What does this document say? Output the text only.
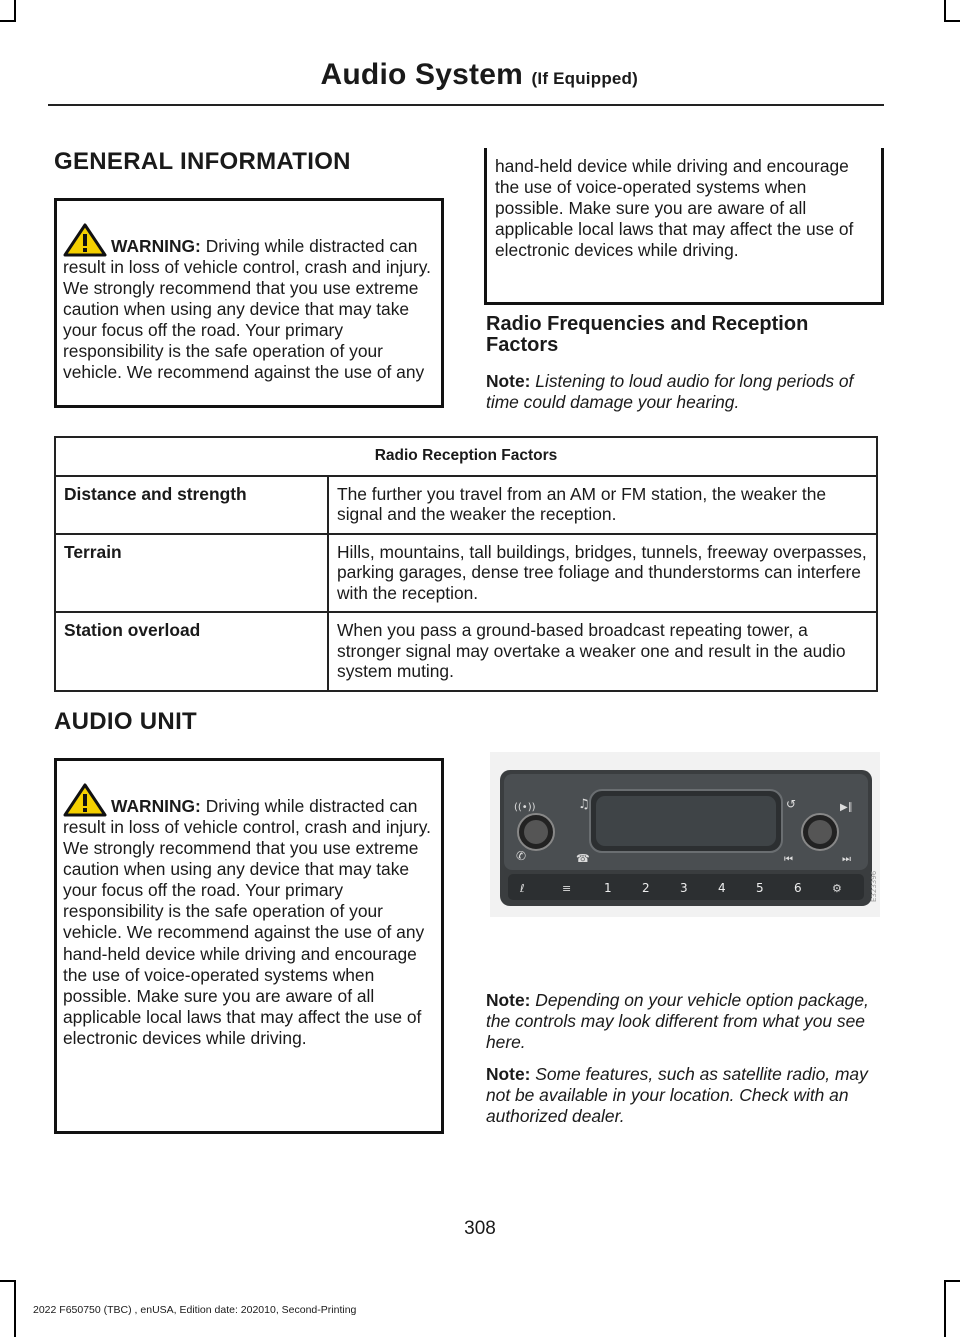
Audio System (If Equipped)
GENERAL INFORMATION

WARNING: Driving while distracted can result in loss of vehicle control, crash and injury. We strongly recommend that you use extreme caution when using any device that may take your focus off the road. Your primary responsibility is the safe operation of your vehicle. We recommend against the use of any

hand-held device while driving and encourage the use of voice-operated systems when possible. Make sure you are aware of all applicable local laws that may affect the use of electronic devices while driving.

Radio Frequencies and Reception Factors

Note: Listening to loud audio for long periods of time could damage your hearing.

Radio Reception Factors	
Distance and strength	The further you travel from an AM or FM station, the weaker the signal and the weaker the reception.
Terrain	Hills, mountains, tall buildings, bridges, tunnels, freeway overpasses, parking garages, dense tree foliage and thunderstorms can interfere with the reception.
Station overload	When you pass a ground-based broadcast repeating tower, a stronger signal may overtake a weaker one and result in the audio system muting.
AUDIO UNIT

WARNING: Driving while distracted can result in loss of vehicle control, crash and injury. We strongly recommend that you use extreme caution when using any device that may take your focus off the road. Your primary responsibility is the safe operation of your vehicle. We recommend against the use of any hand-held device while driving and encourage the use of voice-operated systems when possible. Make sure you are aware of all applicable local laws that may affect the use of electronic devices while driving.

((•))	♫	↺	▶∥
✆	☎	⏮	⏭
ℓ	≡	1	2	3	4	5	6	⚙	E323396

Note: Depending on your vehicle option package, the controls may look different from what you see here.

Note: Some features, such as satellite radio, may not be available in your location. Check with an authorized dealer.

308
2022 F650750 (TBC) , enUSA, Edition date: 202010, Second-Printing
